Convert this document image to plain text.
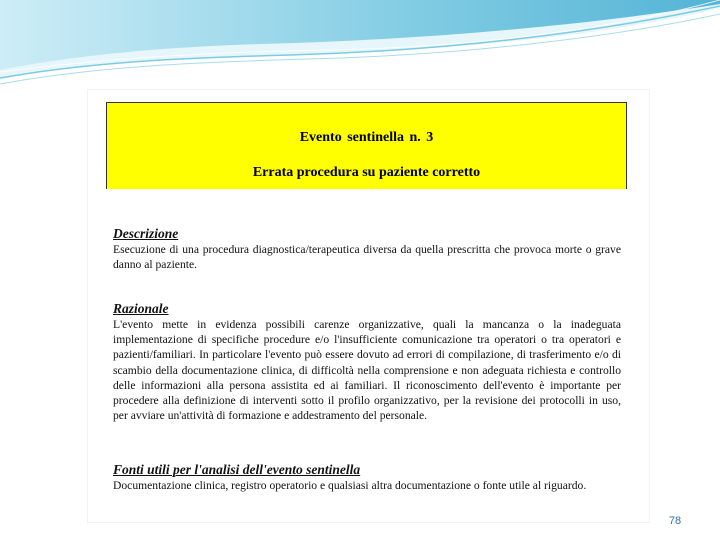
Evento sentinella n. 3
Errata procedura su paziente corretto
Descrizione
Esecuzione di una procedura diagnostica/terapeutica diversa da quella prescritta che provoca morte o grave danno al paziente.
Razionale
L'evento mette in evidenza possibili carenze organizzative, quali la mancanza o la inadeguata implementazione di specifiche procedure e/o l'insufficiente comunicazione tra operatori o tra operatori e pazienti/familiari. In particolare l'evento può essere dovuto ad errori di compilazione, di trasferimento e/o di scambio della documentazione clinica, di difficoltà nella comprensione e non adeguata richiesta e controllo delle informazioni alla persona assistita ed ai familiari. Il riconoscimento dell'evento è importante per procedere alla definizione di interventi sotto il profilo organizzativo, per la revisione dei protocolli in uso, per avviare un'attività di formazione e addestramento del personale.
Fonti utili per l'analisi dell'evento sentinella
Documentazione clinica, registro operatorio e qualsiasi altra documentazione o fonte utile al riguardo.
78
